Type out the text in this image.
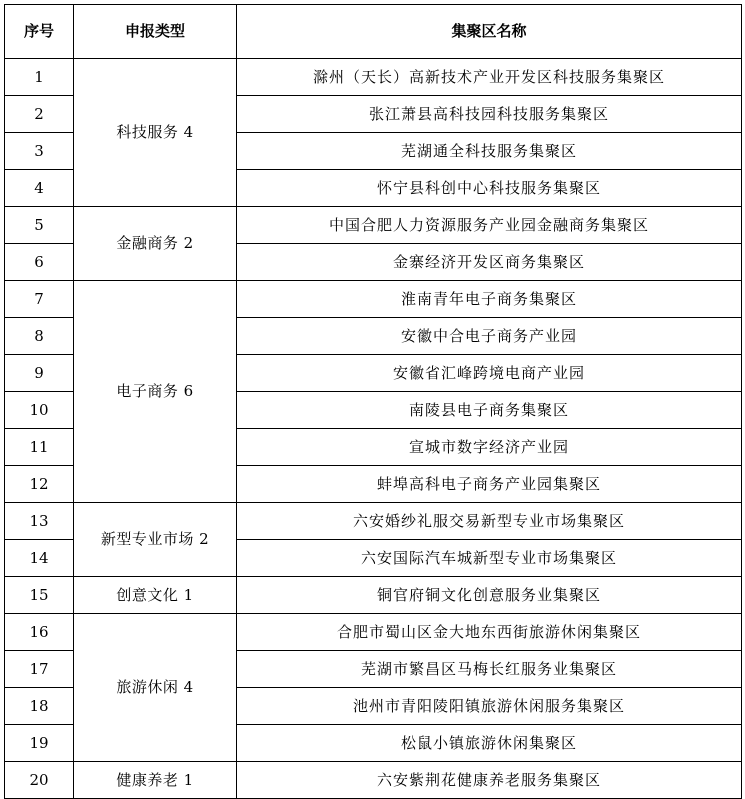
序号	申报类型	集聚区名称
1	科技服务 4	滁州（天长）高新技术产业开发区科技服务集聚区
2		张江萧县高科技园科技服务集聚区
3		芜湖通全科技服务集聚区
4		怀宁县科创中心科技服务集聚区
5	金融商务 2	中国合肥人力资源服务产业园金融商务集聚区
6		金寨经济开发区商务集聚区
7	电子商务 6	淮南青年电子商务集聚区
8		安徽中合电子商务产业园
9		安徽省汇峰跨境电商产业园
10		南陵县电子商务集聚区
11		宣城市数字经济产业园
12		蚌埠高科电子商务产业园集聚区
13	新型专业市场 2	六安婚纱礼服交易新型专业市场集聚区
14		六安国际汽车城新型专业市场集聚区
15	创意文化 1	铜官府铜文化创意服务业集聚区
16	旅游休闲 4	合肥市蜀山区金大地东西街旅游休闲集聚区
17		芜湖市繁昌区马梅长红服务业集聚区
18		池州市青阳陵阳镇旅游休闲服务集聚区
19		松鼠小镇旅游休闲集聚区
20	健康养老 1	六安紫荆花健康养老服务集聚区
